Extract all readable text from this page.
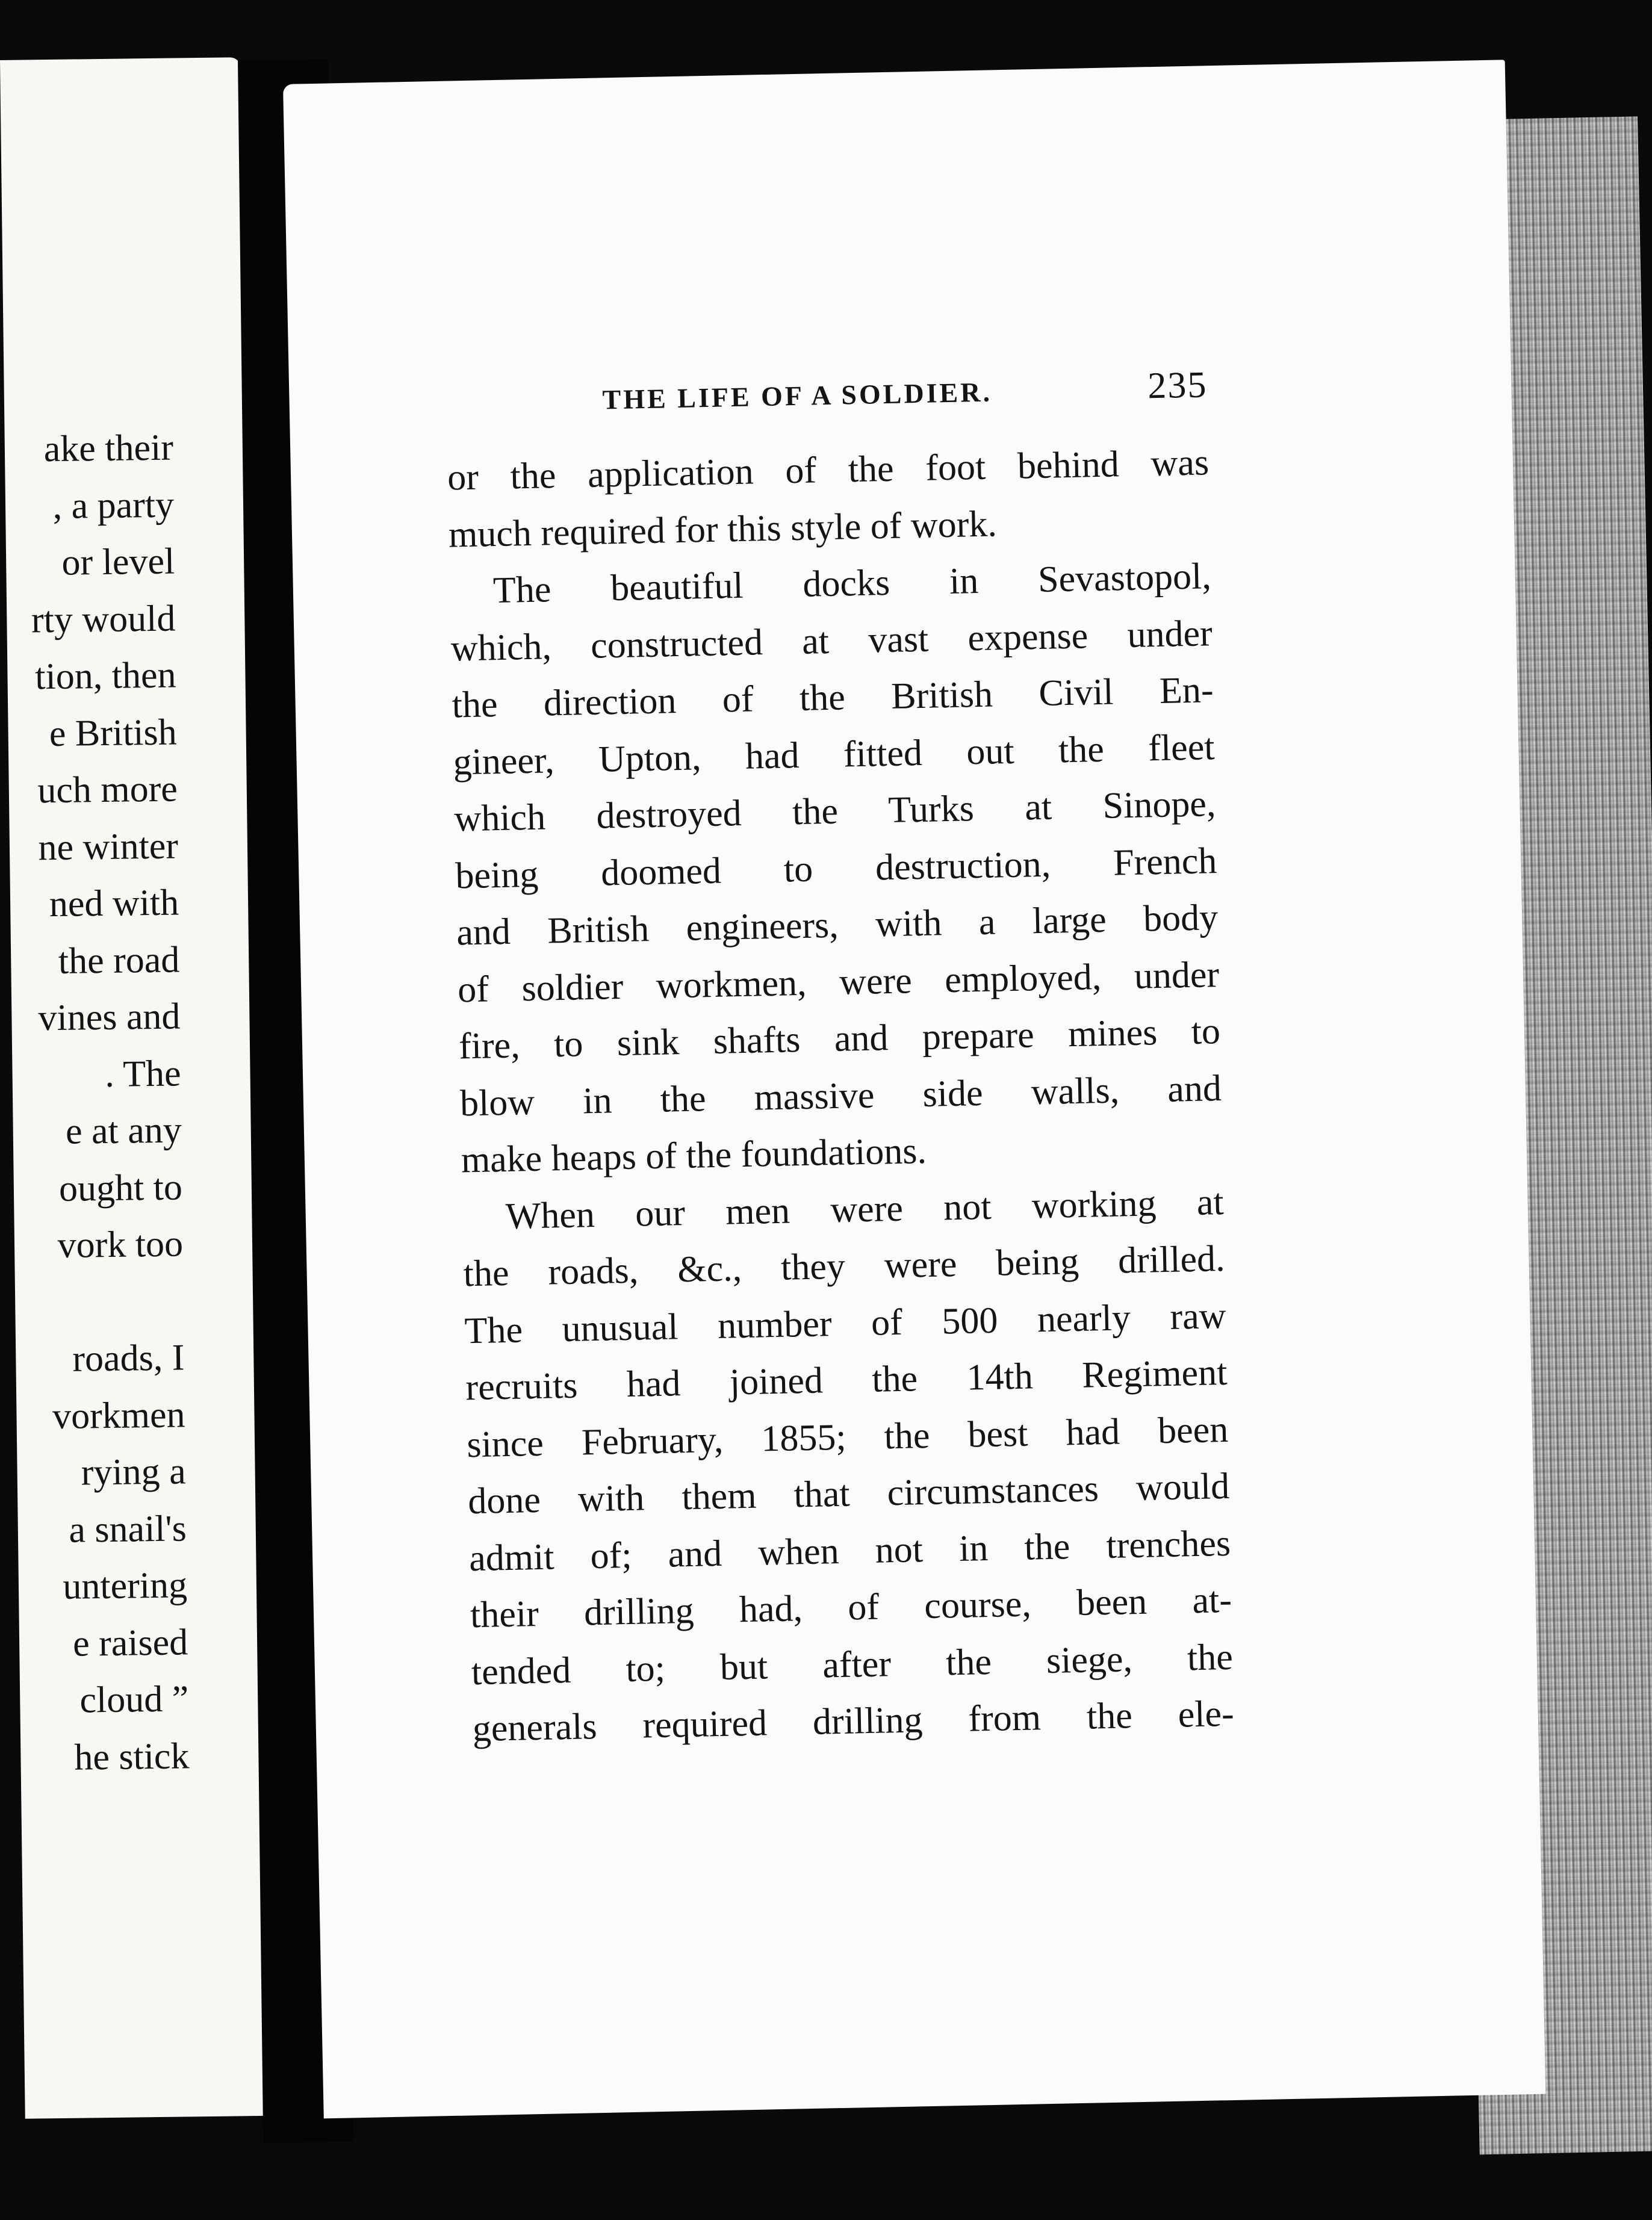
ake their
, a party
or level
rty would
tion, then
e British
uch more
ne winter
ned with
the road
vines and
. The
e at any
ought to
vork too

roads, I
vorkmen
rying a
a snail's
untering
e raised
cloud ”
he stick
THE LIFE OF A SOLDIER.	235
or the application of the foot behind was
much required for this style of work.
The beautiful docks in Sevastopol,
which, constructed at vast expense under
the direction of the British Civil En-
gineer, Upton, had fitted out the fleet
which destroyed the Turks at Sinope,
being doomed to destruction, French
and British engineers, with a large body
of soldier workmen, were employed, under
fire, to sink shafts and prepare mines to
blow in the massive side walls, and
make heaps of the foundations.
When our men were not working at
the roads, &c., they were being drilled.
The unusual number of 500 nearly raw
recruits had joined the 14th Regiment
since February, 1855; the best had been
done with them that circumstances would
admit of; and when not in the trenches
their drilling had, of course, been at-
tended to; but after the siege, the
generals required drilling from the ele-
